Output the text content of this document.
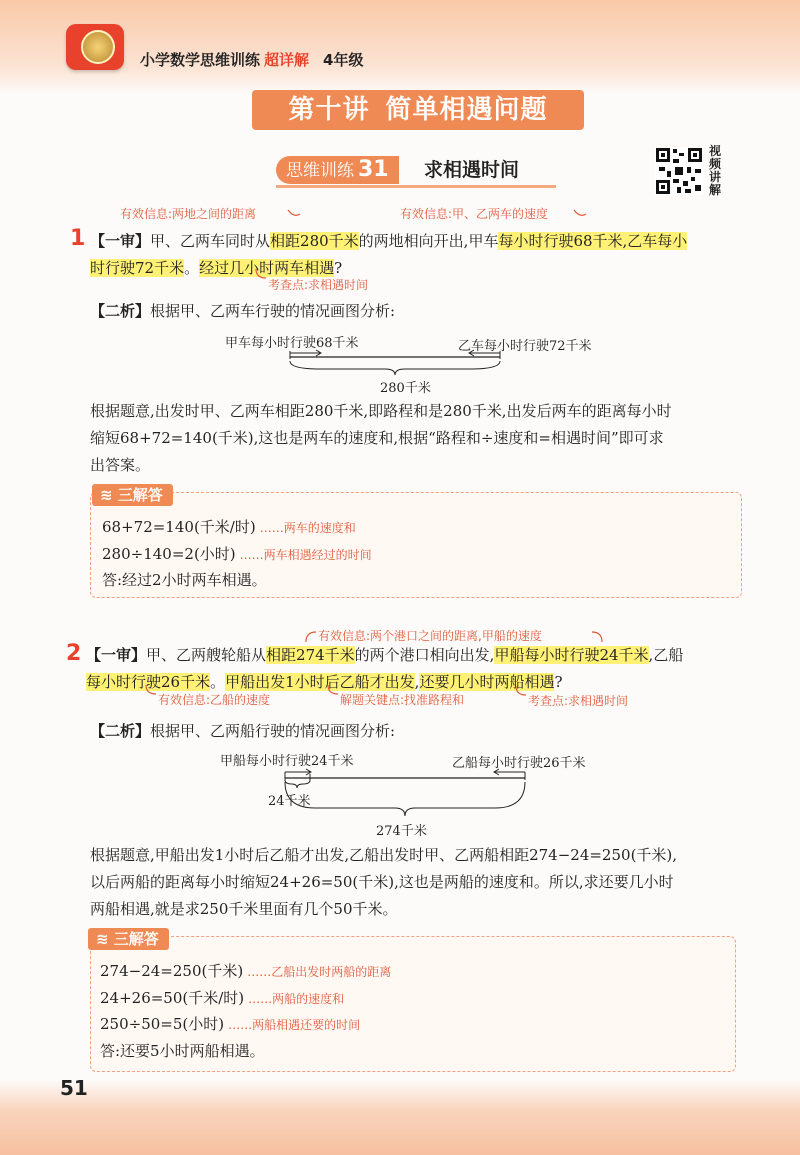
小学数学思维训练 超详解 4年级
第十讲 简单相遇问题
思维训练 31	求相遇时间
视频讲解
有效信息:两地之间的距离	有效信息:甲、乙两车的速度
1 【一审】甲、乙两车同时从相距280千米的两地相向开出,甲车每小时行驶68千米,乙车每小
时行驶72千米。经过几小时两车相遇?
考查点:求相遇时间
【二析】根据甲、乙两车行驶的情况画图分析:
甲车每小时行驶68千米	乙车每小时行驶72千米
280千米
根据题意,出发时甲、乙两车相距280千米,即路程和是280千米,出发后两车的距离每小时
缩短68+72=140(千米),这也是两车的速度和,根据“路程和÷速度和=相遇时间”即可求
出答案。
≋ 三解答
68+72=140(千米/时) ……两车的速度和
280÷140=2(小时) ……两车相遇经过的时间
答:经过2小时两车相遇。
有效信息:两个港口之间的距离,甲船的速度
2 【一审】甲、乙两艘轮船从相距274千米的两个港口相向出发,甲船每小时行驶24千米,乙船
每小时行驶26千米。甲船出发1小时后乙船才出发,还要几小时两船相遇?
有效信息:乙船的速度	解题关键点:找准路程和	考查点:求相遇时间
【二析】根据甲、乙两船行驶的情况画图分析:
甲船每小时行驶24千米	乙船每小时行驶26千米
24千米
274千米
根据题意,甲船出发1小时后乙船才出发,乙船出发时甲、乙两船相距274−24=250(千米),
以后两船的距离每小时缩短24+26=50(千米),这也是两船的速度和。所以,求还要几小时
两船相遇,就是求250千米里面有几个50千米。
≋ 三解答
274−24=250(千米) ……乙船出发时两船的距离
24+26=50(千米/时) ……两船的速度和
250÷50=5(小时) ……两船相遇还要的时间
答:还要5小时两船相遇。
51
